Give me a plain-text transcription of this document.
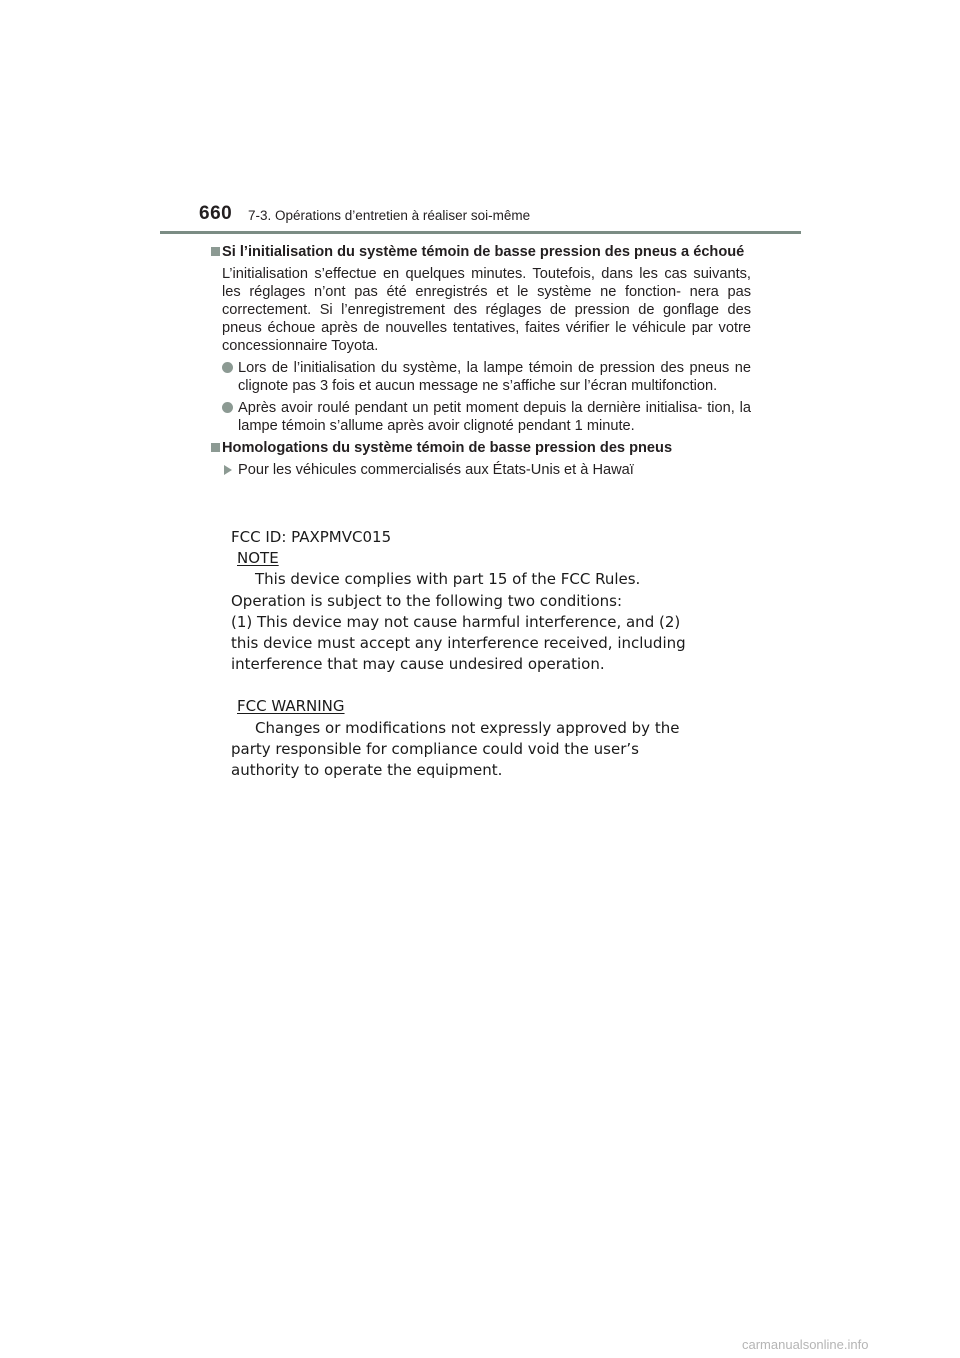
660 7-3. Opérations d’entretien à réaliser soi-même
Si l’initialisation du système témoin de basse pression des pneus a échoué
L’initialisation s’effectue en quelques minutes. Toutefois, dans les cas suivants, les réglages n’ont pas été enregistrés et le système ne fonction- nera pas correctement. Si l’enregistrement des réglages de pression de gonflage des pneus échoue après de nouvelles tentatives, faites vérifier le véhicule par votre concessionnaire Toyota.
Lors de l’initialisation du système, la lampe témoin de pression des pneus ne clignote pas 3 fois et aucun message ne s’affiche sur l’écran multifonction.
Après avoir roulé pendant un petit moment depuis la dernière initialisa- tion, la lampe témoin s’allume après avoir clignoté pendant 1 minute.
Homologations du système témoin de basse pression des pneus
Pour les véhicules commercialisés aux États-Unis et à Hawaï
FCC ID: PAXPMVC015
NOTE
This device complies with part 15 of the FCC Rules.
Operation is subject to the following two conditions:
(1) This device may not cause harmful interference, and (2)
this device must accept any interference received, including
interference that may cause undesired operation.
FCC WARNING
Changes or modifications not expressly approved by the
party responsible for compliance could void the user’s
authority to operate the equipment.
carmanualsonline.info
